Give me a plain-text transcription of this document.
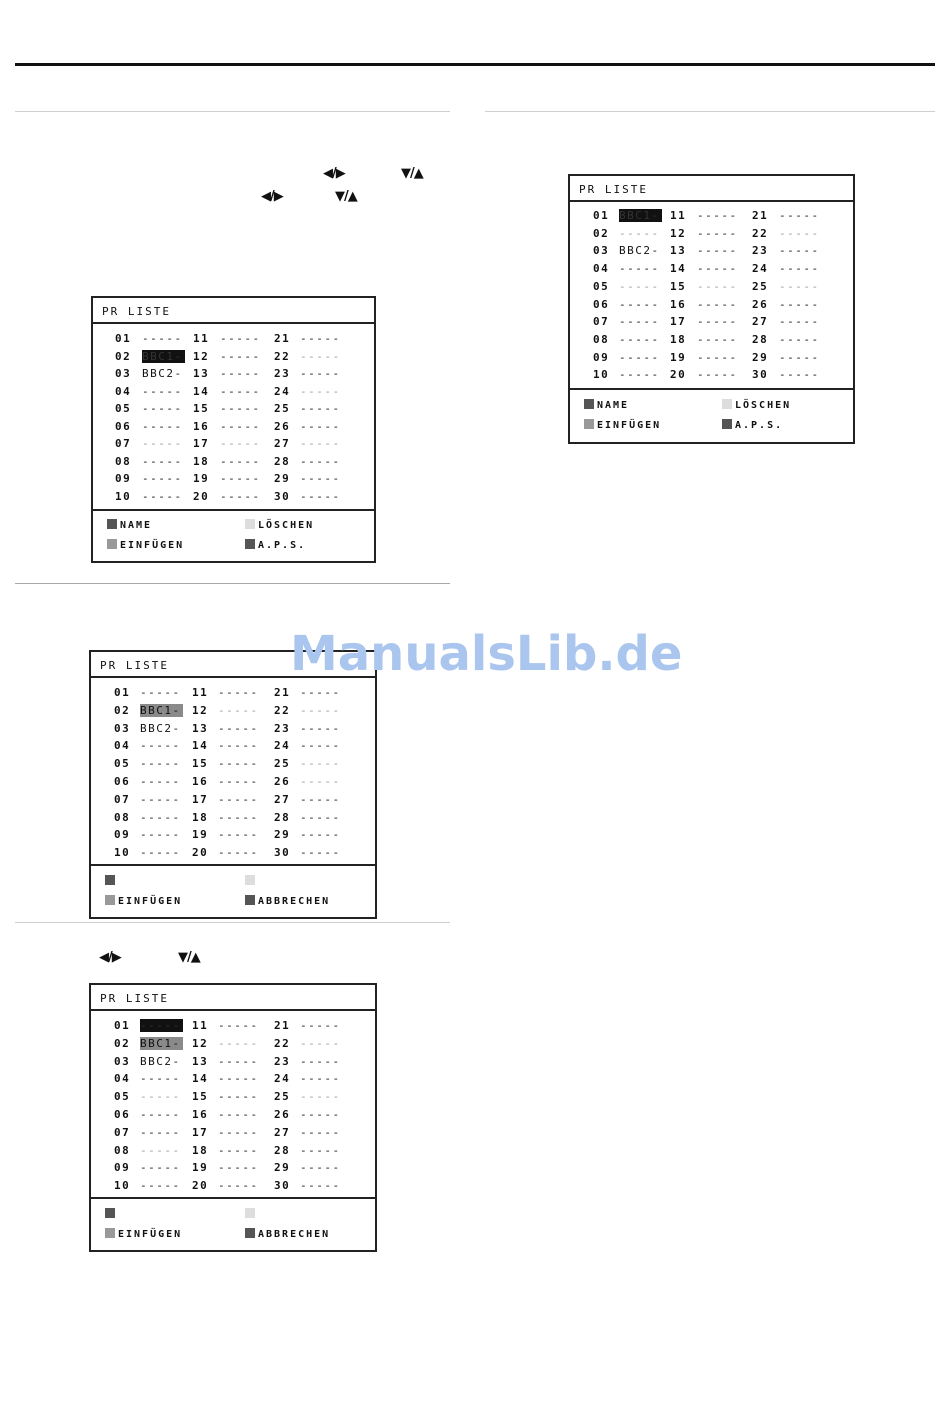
◀/▶	▼/▲
◀/▶	▼/▲
◀/▶	▼/▲
PR LISTE
01 ----- 11 ----- 21 -----
02 BBC1- 12 ----- 22 -----
03 BBC2- 13 ----- 23 -----
04 ----- 14 ----- 24 -----
05 ----- 15 ----- 25 -----
06 ----- 16 ----- 26 -----
07 ----- 17 ----- 27 -----
08 ----- 18 ----- 28 -----
09 ----- 19 ----- 29 -----
10 ----- 20 ----- 30 -----
NAME	LÖSCHEN
EINFÜGEN	A.P.S.
PR LISTE
01 ----- 11 ----- 21 -----
02 BBC1- 12 ----- 22 -----
03 BBC2- 13 ----- 23 -----
04 ----- 14 ----- 24 -----
05 ----- 15 ----- 25 -----
06 ----- 16 ----- 26 -----
07 ----- 17 ----- 27 -----
08 ----- 18 ----- 28 -----
09 ----- 19 ----- 29 -----
10 ----- 20 ----- 30 -----
EINFÜGEN	ABBRECHEN
PR LISTE
01 ----- 11 ----- 21 -----
02 BBC1- 12 ----- 22 -----
03 BBC2- 13 ----- 23 -----
04 ----- 14 ----- 24 -----
05 ----- 15 ----- 25 -----
06 ----- 16 ----- 26 -----
07 ----- 17 ----- 27 -----
08 ----- 18 ----- 28 -----
09 ----- 19 ----- 29 -----
10 ----- 20 ----- 30 -----
EINFÜGEN	ABBRECHEN
PR LISTE
01 BBC1- 11 ----- 21 -----
02 ----- 12 ----- 22 -----
03 BBC2- 13 ----- 23 -----
04 ----- 14 ----- 24 -----
05 ----- 15 ----- 25 -----
06 ----- 16 ----- 26 -----
07 ----- 17 ----- 27 -----
08 ----- 18 ----- 28 -----
09 ----- 19 ----- 29 -----
10 ----- 20 ----- 30 -----
NAME	LÖSCHEN
EINFÜGEN	A.P.S.
ManualsLib.de
